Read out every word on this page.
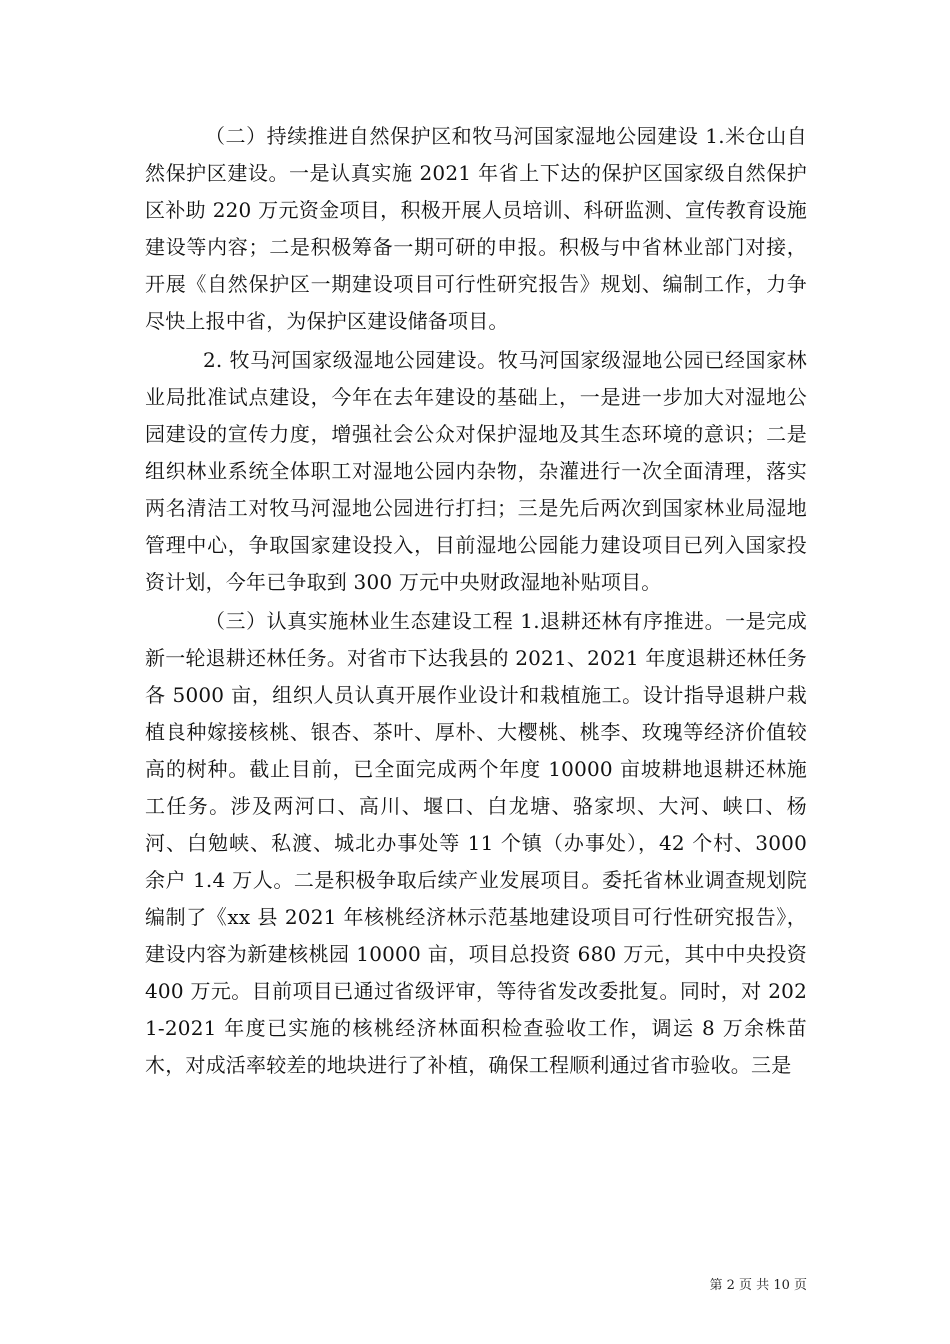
（二）持续推进自然保护区和牧马河国家湿地公园建设 1.米仓山自然保护区建设。一是认真实施 2021 年省上下达的保护区国家级自然保护区补助 220 万元资金项目，积极开展人员培训、科研监测、宣传教育设施建设等内容；二是积极筹备一期可研的申报。积极与中省林业部门对接，开展《自然保护区一期建设项目可行性研究报告》规划、编制工作，力争尽快上报中省，为保护区建设储备项目。

2. 牧马河国家级湿地公园建设。牧马河国家级湿地公园已经国家林业局批准试点建设，今年在去年建设的基础上，一是进一步加大对湿地公园建设的宣传力度，增强社会公众对保护湿地及其生态环境的意识；二是组织林业系统全体职工对湿地公园内杂物，杂灌进行一次全面清理，落实两名清洁工对牧马河湿地公园进行打扫；三是先后两次到国家林业局湿地管理中心，争取国家建设投入，目前湿地公园能力建设项目已列入国家投资计划，今年已争取到 300 万元中央财政湿地补贴项目。

（三）认真实施林业生态建设工程 1.退耕还林有序推进。一是完成新一轮退耕还林任务。对省市下达我县的 2021、2021 年度退耕还林任务各 5000 亩，组织人员认真开展作业设计和栽植施工。设计指导退耕户栽植良种嫁接核桃、银杏、茶叶、厚朴、大樱桃、桃李、玫瑰等经济价值较高的树种。截止目前，已全面完成两个年度 10000 亩坡耕地退耕还林施工任务。涉及两河口、高川、堰口、白龙塘、骆家坝、大河、峡口、杨河、白勉峡、私渡、城北办事处等 11 个镇（办事处），42 个村、3000 余户 1.4 万人。二是积极争取后续产业发展项目。委托省林业调查规划院编制了《xx 县 2021 年核桃经济林示范基地建设项目可行性研究报告》，建设内容为新建核桃园 10000 亩，项目总投资 680 万元，其中中央投资 400 万元。目前项目已通过省级评审，等待省发改委批复。同时，对 2021-2021 年度已实施的核桃经济林面积检查验收工作，调运 8 万余株苗木，对成活率较差的地块进行了补植，确保工程顺利通过省市验收。三是

第 2 页 共 10 页
